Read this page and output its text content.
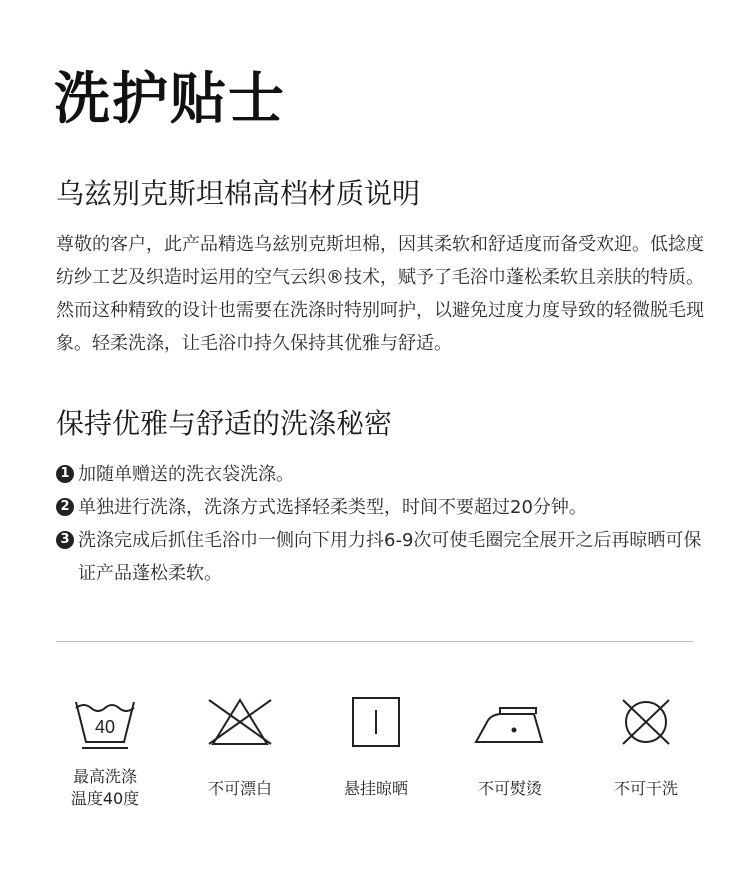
洗护贴士
乌兹别克斯坦棉高档材质说明
尊敬的客户，此产品精选乌兹别克斯坦棉，因其柔软和舒适度而备受欢迎。低捻度纺纱工艺及织造时运用的空气云织®技术，赋予了毛浴巾蓬松柔软且亲肤的特质。然而这种精致的设计也需要在洗涤时特别呵护，以避免过度力度导致的轻微脱毛现象。轻柔洗涤，让毛浴巾持久保持其优雅与舒适。
保持优雅与舒适的洗涤秘密
1 加随单赠送的洗衣袋洗涤。
2 单独进行洗涤，洗涤方式选择轻柔类型，时间不要超过20分钟。
3 洗涤完成后抓住毛浴巾一侧向下用力抖6-9次可使毛圈完全展开之后再晾晒可保证产品蓬松柔软。
40
最高洗涤
温度40度
不可漂白	悬挂晾晒	不可熨烫	不可干洗
